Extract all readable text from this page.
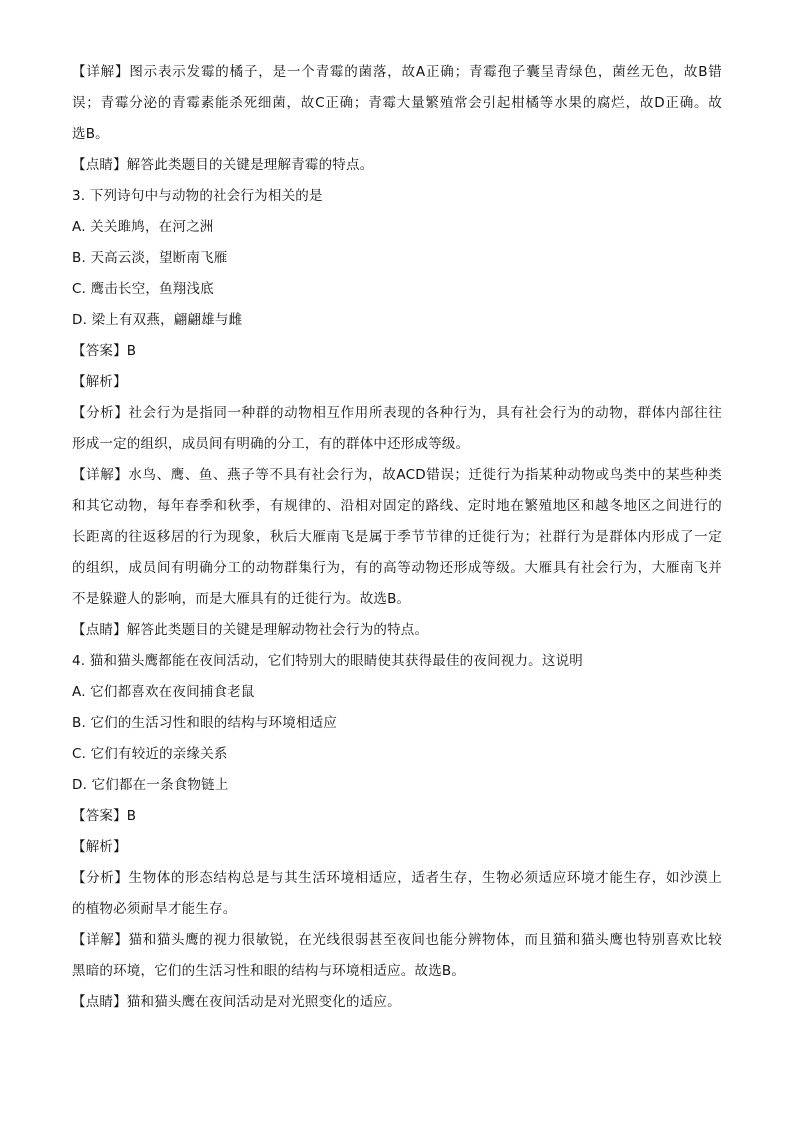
【详解】图示表示发霉的橘子，是一个青霉的菌落，故A正确；青霉孢子囊呈青绿色，菌丝无色，故B错
误；青霉分泌的青霉素能杀死细菌，故C正确；青霉大量繁殖常会引起柑橘等水果的腐烂，故D正确。故
选B。
【点睛】解答此类题目的关键是理解青霉的特点。
3. 下列诗句中与动物的社会行为相关的是
A. 关关雎鸠，在河之洲
B. 天高云淡，望断南飞雁
C. 鹰击长空，鱼翔浅底
D. 梁上有双燕，翩翩雄与雌
【答案】B
【解析】
【分析】社会行为是指同一种群的动物相互作用所表现的各种行为，具有社会行为的动物，群体内部往往
形成一定的组织，成员间有明确的分工，有的群体中还形成等级。
【详解】水鸟、鹰、鱼、燕子等不具有社会行为，故ACD错误；迁徙行为指某种动物或鸟类中的某些种类
和其它动物，每年春季和秋季，有规律的、沿相对固定的路线、定时地在繁殖地区和越冬地区之间进行的
长距离的往返移居的行为现象，秋后大雁南飞是属于季节节律的迁徙行为；社群行为是群体内形成了一定
的组织，成员间有明确分工的动物群集行为，有的高等动物还形成等级。大雁具有社会行为，大雁南飞并
不是躲避人的影响，而是大雁具有的迁徙行为。故选B。
【点睛】解答此类题目的关键是理解动物社会行为的特点。
4. 猫和猫头鹰都能在夜间活动，它们特别大的眼睛使其获得最佳的夜间视力。这说明
A. 它们都喜欢在夜间捕食老鼠
B. 它们的生活习性和眼的结构与环境相适应
C. 它们有较近的亲缘关系
D. 它们都在一条食物链上
【答案】B
【解析】
【分析】生物体的形态结构总是与其生活环境相适应，适者生存，生物必须适应环境才能生存，如沙漠上
的植物必须耐旱才能生存。
【详解】猫和猫头鹰的视力很敏锐，在光线很弱甚至夜间也能分辨物体，而且猫和猫头鹰也特别喜欢比较
黑暗的环境，它们的生活习性和眼的结构与环境相适应。故选B。
【点睛】猫和猫头鹰在夜间活动是对光照变化的适应。
